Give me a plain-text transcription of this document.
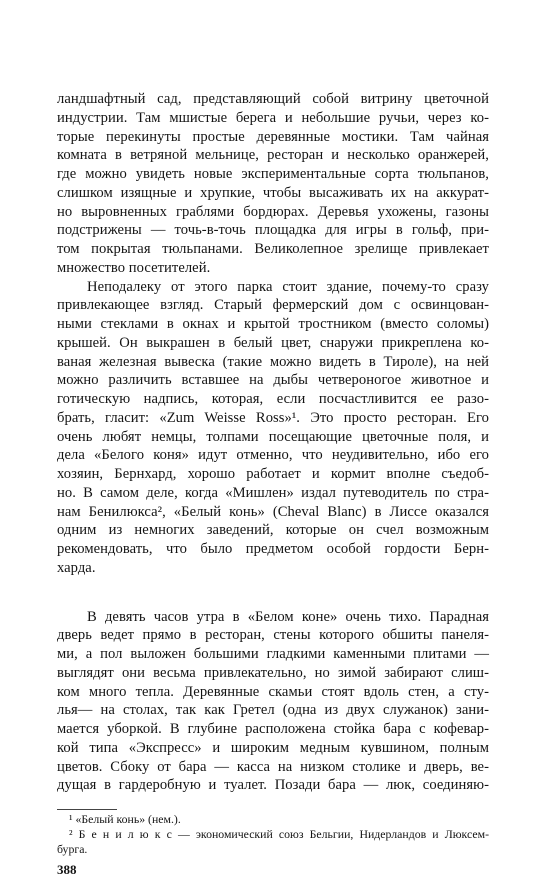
ландшафтный сад, представляющий собой витрину цветочной
индустрии. Там мшистые берега и небольшие ручьи, через ко-
торые перекинуты простые деревянные мостики. Там чайная
комната в ветряной мельнице, ресторан и несколько оранжерей,
где можно увидеть новые экспериментальные сорта тюльпанов,
слишком изящные и хрупкие, чтобы высаживать их на аккурат-
но выровненных граблями бордюрах. Деревья ухожены, газоны
подстрижены — точь-в-точь площадка для игры в гольф, при-
том покрытая тюльпанами. Великолепное зрелище привлекает
множество посетителей.
Неподалеку от этого парка стоит здание, почему-то сразу
привлекающее взгляд. Старый фермерский дом с освинцован-
ными стеклами в окнах и крытой тростником (вместо соломы)
крышей. Он выкрашен в белый цвет, снаружи прикреплена ко-
ваная железная вывеска (такие можно видеть в Тироле), на ней
можно различить вставшее на дыбы четвероногое животное и
готическую надпись, которая, если посчастливится ее разо-
брать, гласит: «Zum Weisse Ross»¹. Это просто ресторан. Его
очень любят немцы, толпами посещающие цветочные поля, и
дела «Белого коня» идут отменно, что неудивительно, ибо его
хозяин, Бернхард, хорошо работает и кормит вполне съедоб-
но. В самом деле, когда «Мишлен» издал путеводитель по стра-
нам Бенилюкса², «Белый конь» (Cheval Blanc) в Лиссе оказался
одним из немногих заведений, которые он счел возможным
рекомендовать, что было предметом особой гордости Берн-
харда.
В девять часов утра в «Белом коне» очень тихо. Парадная
дверь ведет прямо в ресторан, стены которого обшиты панеля-
ми, а пол выложен большими гладкими каменными плитами —
выглядят они весьма привлекательно, но зимой забирают слиш-
ком много тепла. Деревянные скамьи стоят вдоль стен, а сту-
лья— на столах, так как Гретел (одна из двух служанок) зани-
мается уборкой. В глубине расположена стойка бара с кофевар-
кой типа «Экспресс» и широким медным кувшином, полным
цветов. Сбоку от бара — касса на низком столике и дверь, ве-
дущая в гардеробную и туалет. Позади бара — люк, соединяю-
¹ «Белый конь» (нем.).
² Б е н и л ю к с — экономический союз Бельгии, Нидерландов и Люксем-
бурга.
388
